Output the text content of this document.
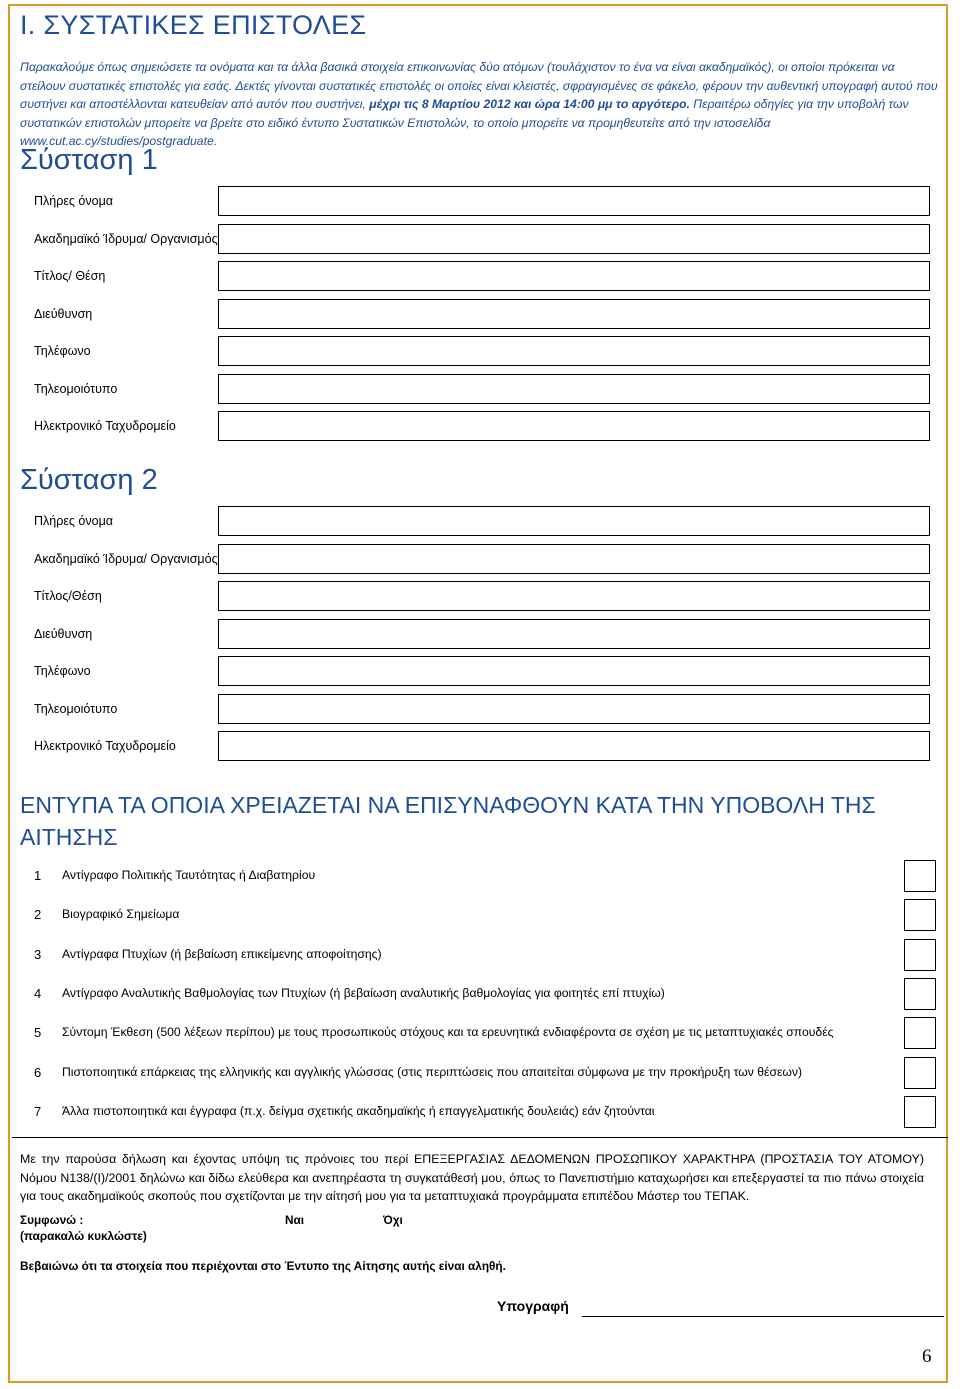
I. ΣΥΣΤΑΤΙΚΕΣ ΕΠΙΣΤΟΛΕΣ
Παρακαλούμε όπως σημειώσετε τα ονόματα και τα άλλα βασικά στοιχεία επικοινωνίας δύο ατόμων (τουλάχιστον το ένα να είναι ακαδημαϊκός), οι οποίοι πρόκειται να στείλουν συστατικές επιστολές για εσάς. Δεκτές γίνονται συστατικές επιστολές οι οποίες είναι κλειστές, σφραγισμένες σε φάκελο, φέρουν την αυθεντική υπογραφή αυτού που συστήνει και αποστέλλονται κατευθείαν από αυτόν που συστήνει, μέχρι τις 8 Μαρτίου 2012 και ώρα 14:00 μμ το αργότερο. Περαιτέρω οδηγίες για την υποβολή των συστατικών επιστολών μπορείτε να βρείτε στο ειδικό έντυπο Συστατικών Επιστολών, το οποίο μπορείτε να προμηθευτείτε από την ιστοσελίδα www.cut.ac.cy/studies/postgraduate.
Σύσταση 1
Πλήρες όνομα
Ακαδημαϊκό Ίδρυμα/ Οργανισμός
Τίτλος/ Θέση
Διεύθυνση
Τηλέφωνο
Τηλεομοιότυπο
Ηλεκτρονικό Ταχυδρομείο
Σύσταση 2
Πλήρες όνομα
Ακαδημαϊκό Ίδρυμα/ Οργανισμός
Τίτλος/Θέση
Διεύθυνση
Τηλέφωνο
Τηλεομοιότυπο
Ηλεκτρονικό Ταχυδρομείο
ΕΝΤΥΠΑ ΤΑ ΟΠΟΙΑ ΧΡΕΙΑΖΕΤΑΙ ΝΑ ΕΠΙΣΥΝΑΦΘΟΥΝ ΚΑΤΑ ΤΗΝ ΥΠΟΒΟΛΗ ΤΗΣ
ΑΙΤΗΣΗΣ
1 Αντίγραφο Πολιτικής Ταυτότητας ή Διαβατηρίου
2 Βιογραφικό Σημείωμα
3 Αντίγραφα Πτυχίων (ή βεβαίωση επικείμενης αποφοίτησης)
4 Αντίγραφο Αναλυτικής Βαθμολογίας των Πτυχίων (ή βεβαίωση αναλυτικής βαθμολογίας για φοιτητές επί πτυχίω)
5 Σύντομη Έκθεση (500 λέξεων περίπου) με τους προσωπικούς στόχους και τα ερευνητικά ενδιαφέροντα σε σχέση με τις μεταπτυχιακές σπουδές
6 Πιστοποιητικά επάρκειας της ελληνικής και αγγλικής γλώσσας (στις περιπτώσεις που απαιτείται σύμφωνα με την προκήρυξη των θέσεων)
7 Άλλα πιστοποιητικά και έγγραφα (π.χ. δείγμα σχετικής ακαδημαϊκής ή επαγγελματικής δουλειάς) εάν ζητούνται
Με την παρούσα δήλωση και έχοντας υπόψη τις πρόνοιες του περί ΕΠΕΞΕΡΓΑΣΙΑΣ ΔΕΔΟΜΕΝΩΝ ΠΡΟΣΩΠΙΚΟΥ ΧΑΡΑΚΤΗΡΑ (ΠΡΟΣΤΑΣΙΑ ΤΟΥ ΑΤΟΜΟΥ) Νόμου Ν138/(Ι)/2001 δηλώνω και δίδω ελεύθερα και ανεπηρέαστα τη συγκατάθεσή μου, όπως το Πανεπιστήμιο καταχωρήσει και επεξεργαστεί τα πιο πάνω στοιχεία για τους ακαδημαϊκούς σκοπούς που σχετίζονται με την αίτησή μου για τα μεταπτυχιακά προγράμματα επιπέδου Μάστερ του ΤΕΠΑΚ.
Συμφωνώ :
(παρακαλώ κυκλώστε)
Ναι	Όχι
Βεβαιώνω ότι τα στοιχεία που περιέχονται στο Έντυπο της Αίτησης αυτής είναι αληθή.
Υπογραφή
6
